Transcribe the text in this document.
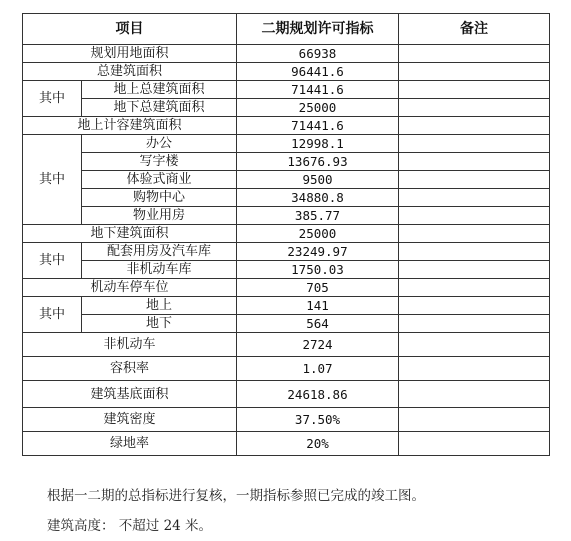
项目		二期规划许可指标	备注
规划用地面积		66938	
总建筑面积		96441.6	
其中	地上总建筑面积	71441.6	
	地下总建筑面积	25000	
地上计容建筑面积		71441.6	
其中	办公	12998.1	
	写字楼	13676.93	
	体验式商业	9500	
	购物中心	34880.8	
	物业用房	385.77	
地下建筑面积		25000	
其中	配套用房及汽车库	23249.97	
	非机动车库	1750.03	
机动车停车位		705	
其中	地上	141	
	地下	564	
非机动车		2724	
容积率		1.07	
建筑基底面积		24618.86	
建筑密度		37.50%	
绿地率		20%	
根据一二期的总指标进行复核，一期指标参照已完成的竣工图。
建筑高度： 不超过 24 米。
